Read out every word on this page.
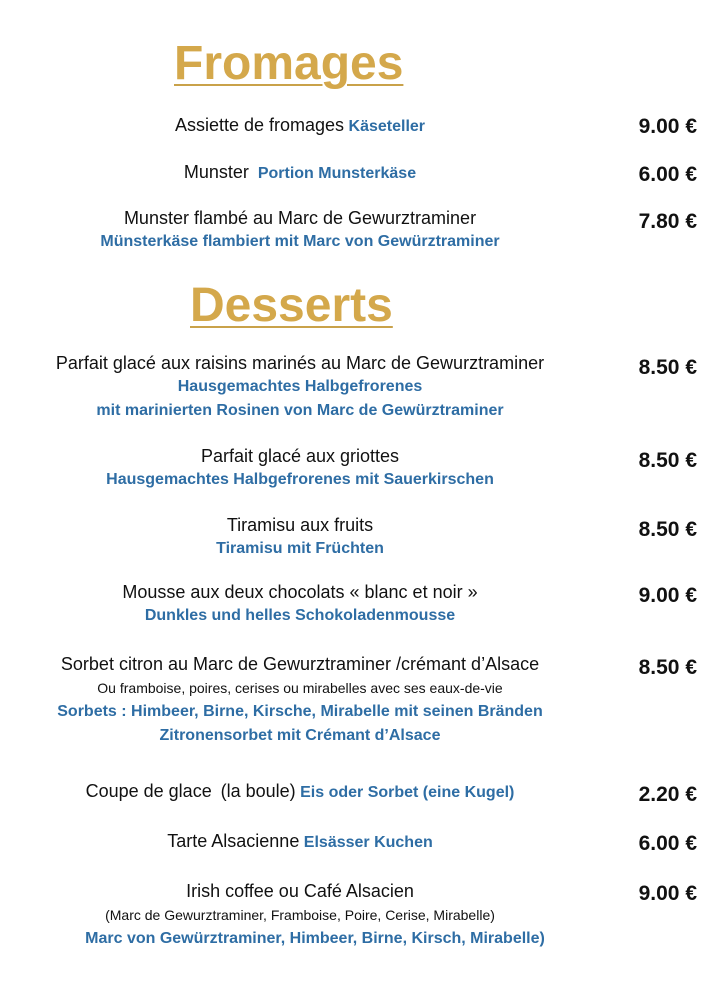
Fromages
Assiette de fromages Käseteller	9.00 €
Munster Portion Munsterkäse	6.00 €
Munster flambé au Marc de Gewurztraminer
Münsterkäse flambiert mit Marc von Gewürztraminer
7.80 €
Desserts
Parfait glacé aux raisins marinés au Marc de Gewurztraminer
Hausgemachtes Halbgefrorenes
mit marinierten Rosinen von Marc de Gewürztraminer
8.50 €
Parfait glacé aux griottes
Hausgemachtes Halbgefrorenes mit Sauerkirschen
8.50 €
Tiramisu aux fruits
Tiramisu mit Früchten
8.50 €
Mousse aux deux chocolats « blanc et noir »
Dunkles und helles Schokoladenmousse
9.00 €
Sorbet citron au Marc de Gewurztraminer /crémant d’Alsace
Ou framboise, poires, cerises ou mirabelles avec ses eaux-de-vie
Sorbets : Himbeer, Birne, Kirsche, Mirabelle mit seinen Bränden
Zitronensorbet mit Crémant d’Alsace
8.50 €
Coupe de glace (la boule) Eis oder Sorbet (eine Kugel)	2.20 €
Tarte Alsacienne Elsässer Kuchen	6.00 €
Irish coffee ou Café Alsacien
(Marc de Gewurztraminer, Framboise, Poire, Cerise, Mirabelle)
Marc von Gewürztraminer, Himbeer, Birne, Kirsch, Mirabelle)
9.00 €
